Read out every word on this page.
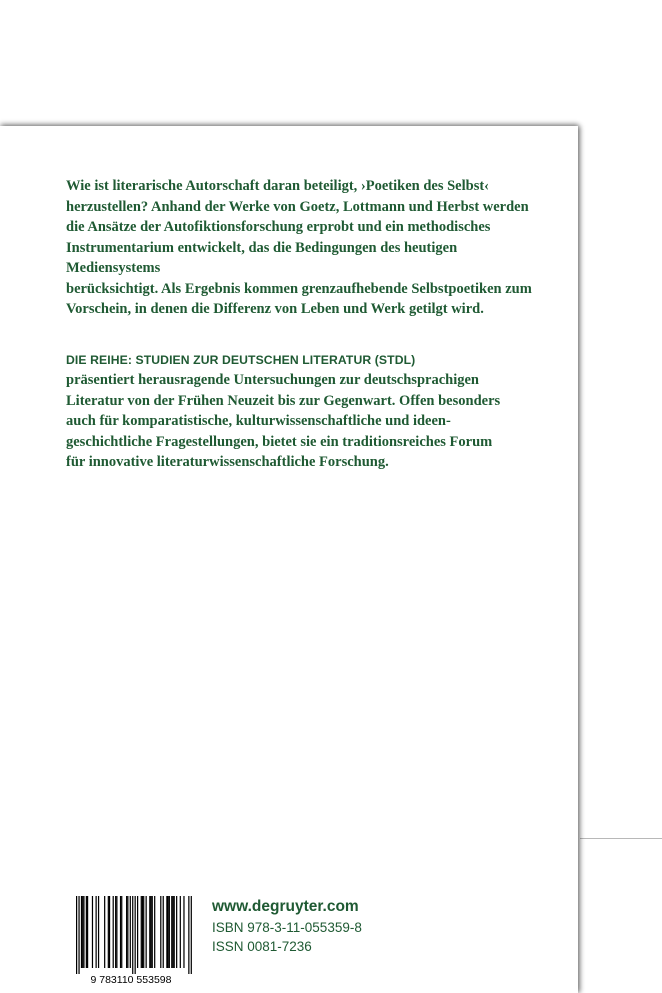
Wie ist literarische Autorschaft daran beteiligt, ›Poetiken des Selbst‹
herzustellen? Anhand der Werke von Goetz, Lottmann und Herbst werden
die Ansätze der Autofiktionsforschung erprobt und ein methodisches
Instrumentarium entwickelt, das die Bedingungen des heutigen Mediensystems
berücksichtigt. Als Ergebnis kommen grenzaufhebende Selbstpoetiken zum
Vorschein, in denen die Differenz von Leben und Werk getilgt wird.

DIE REIHE: STUDIEN ZUR DEUTSCHEN LITERATUR (STDL)

präsentiert herausragende Untersuchungen zur deutschsprachigen
Literatur von der Frühen Neuzeit bis zur Gegenwart. Offen besonders
auch für komparatistische, kulturwissenschaftliche und ideen-
geschichtliche Fragestellungen, bietet sie ein traditionsreiches Forum
für innovative literaturwissenschaftliche Forschung.

9 783110 553598
www.degruyter.com
ISBN 978-3-11-055359-8
ISSN 0081-7236
